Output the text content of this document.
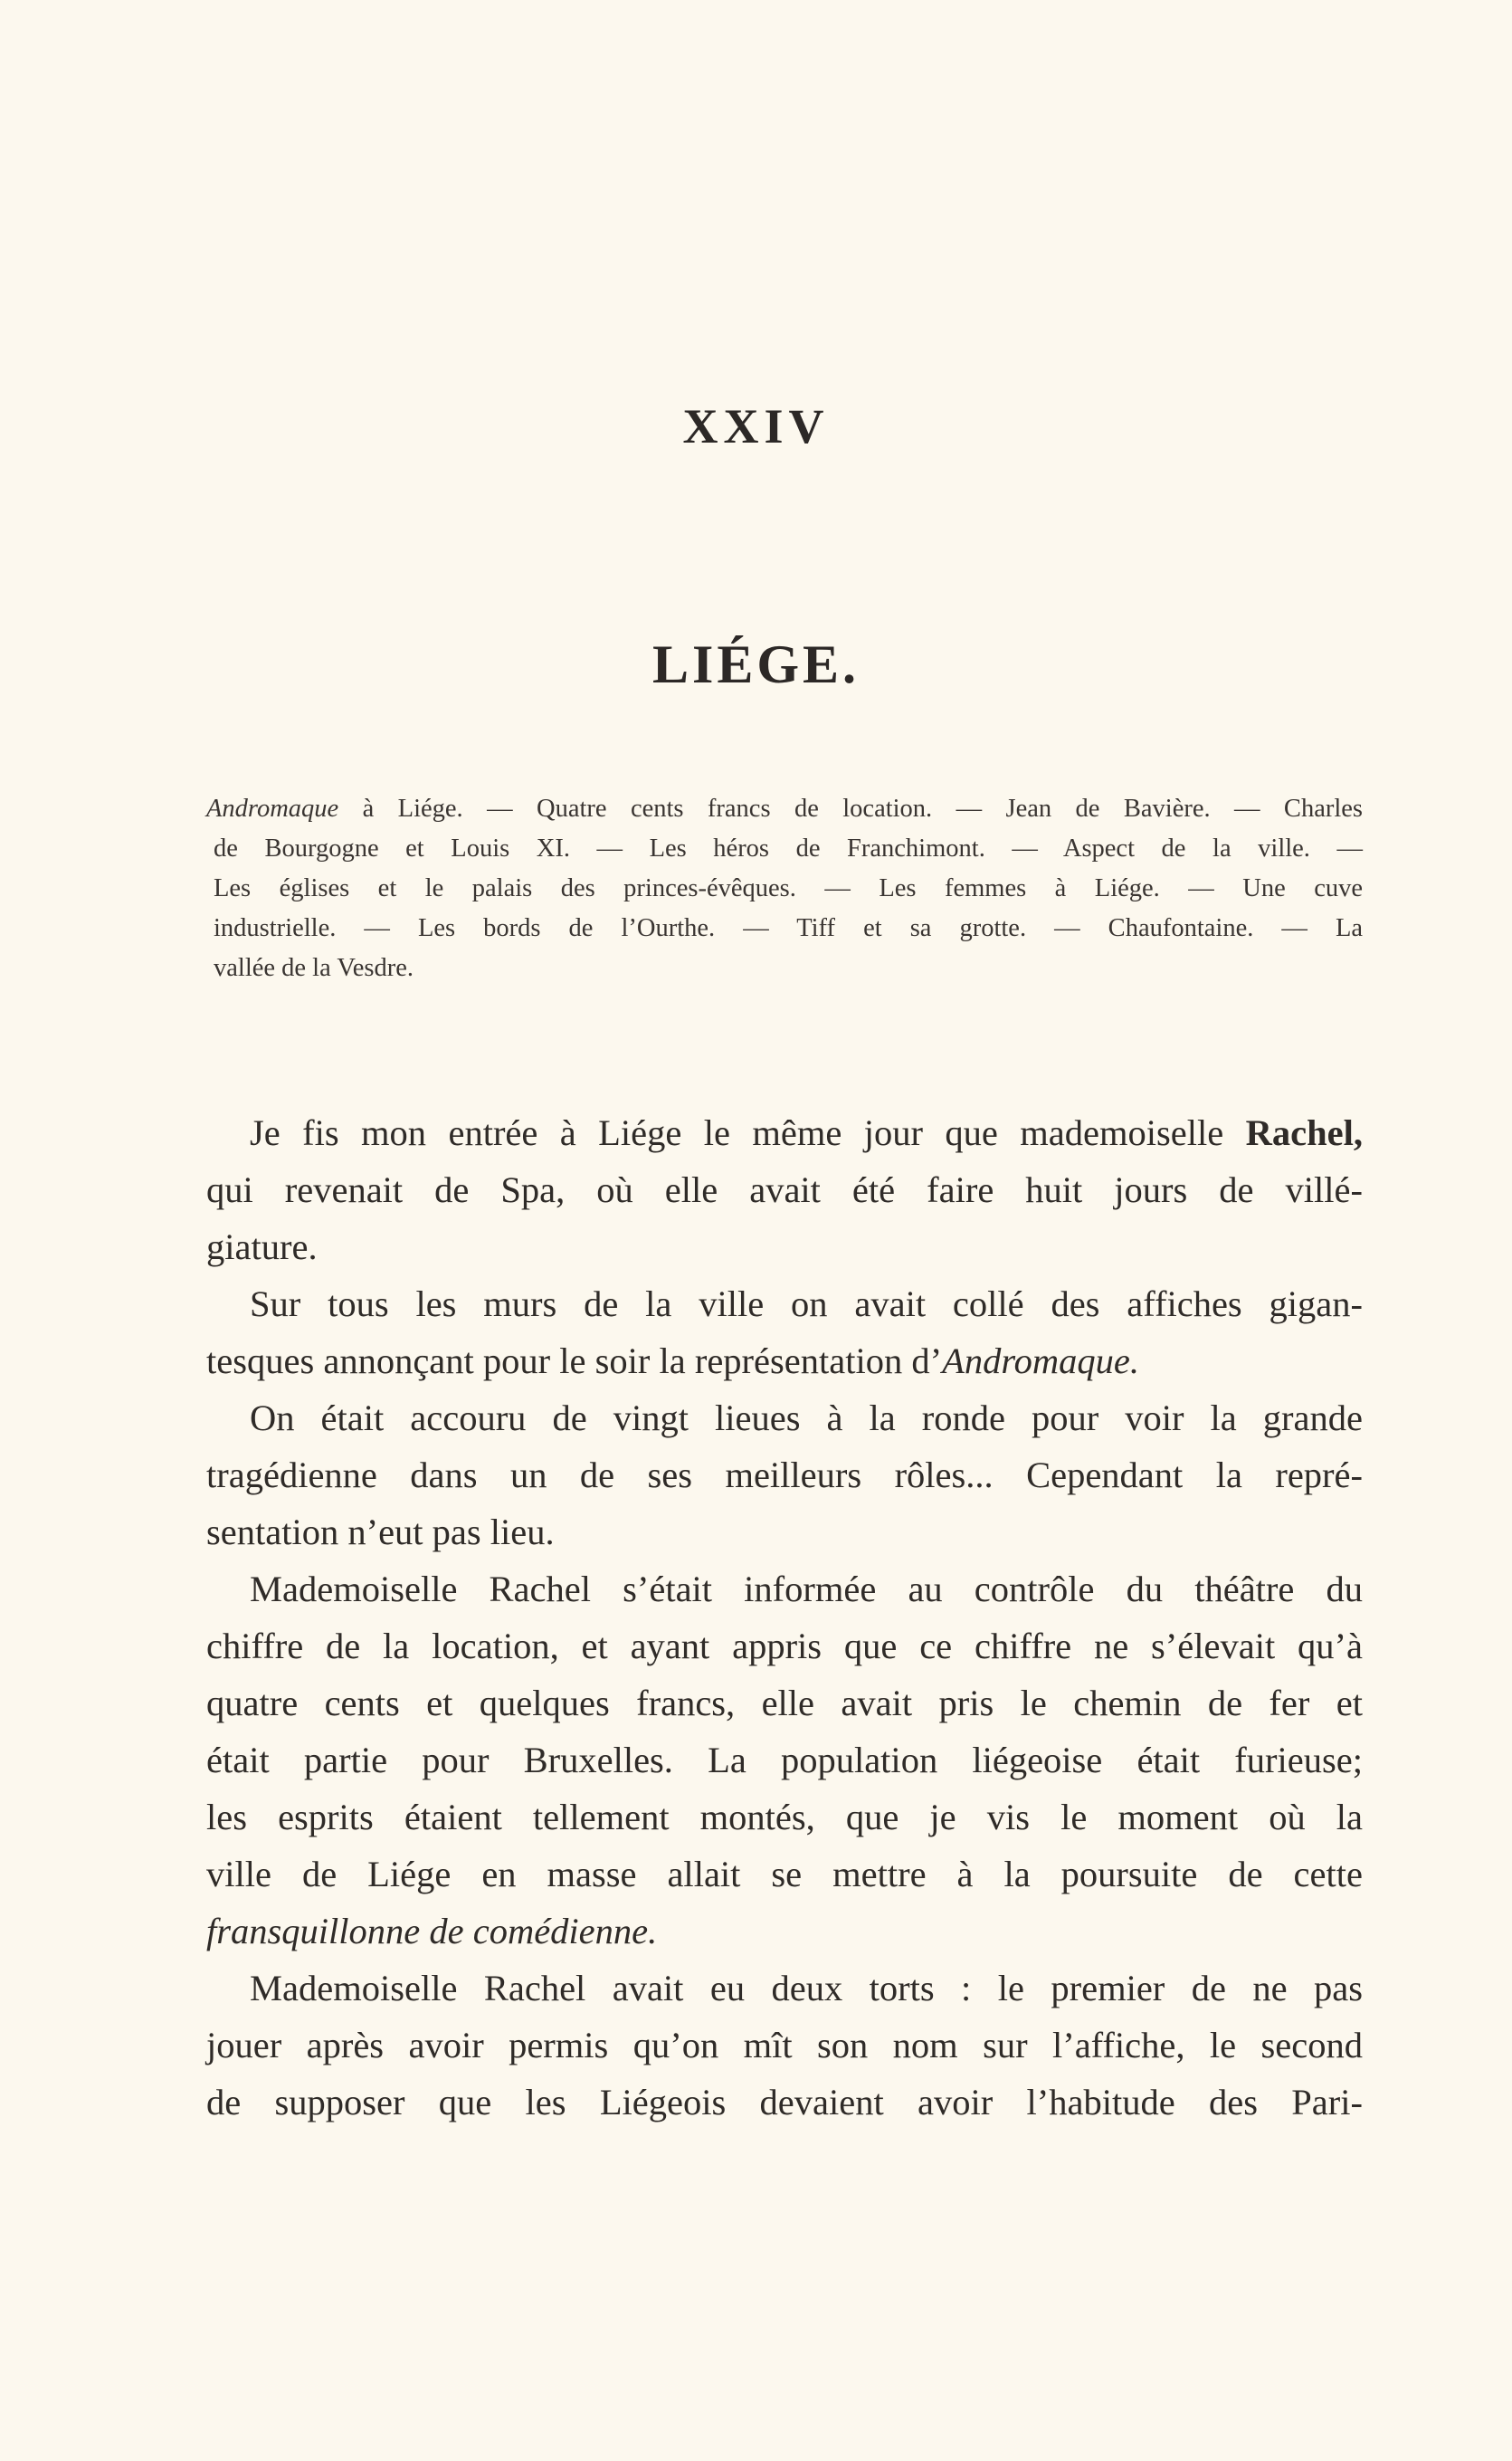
XXIV
LIÉGE.
Andromaque à Liége. — Quatre cents francs de location. — Jean de Bavière. — Charles
de Bourgogne et Louis XI. — Les héros de Franchimont. — Aspect de la ville. —
Les églises et le palais des princes-évêques. — Les femmes à Liége. — Une cuve
industrielle. — Les bords de l’Ourthe. — Tiff et sa grotte. — Chaufontaine. — La
vallée de la Vesdre.
Je fis mon entrée à Liége le même jour que mademoiselle Rachel,
qui revenait de Spa, où elle avait été faire huit jours de villé-
giature.
Sur tous les murs de la ville on avait collé des affiches gigan-
tesques annonçant pour le soir la représentation d’Andromaque.
On était accouru de vingt lieues à la ronde pour voir la grande
tragédienne dans un de ses meilleurs rôles... Cependant la repré-
sentation n’eut pas lieu.
Mademoiselle Rachel s’était informée au contrôle du théâtre du
chiffre de la location, et ayant appris que ce chiffre ne s’élevait qu’à
quatre cents et quelques francs, elle avait pris le chemin de fer et
était partie pour Bruxelles. La population liégeoise était furieuse;
les esprits étaient tellement montés, que je vis le moment où la
ville de Liége en masse allait se mettre à la poursuite de cette
fransquillonne de comédienne.
Mademoiselle Rachel avait eu deux torts : le premier de ne pas
jouer après avoir permis qu’on mît son nom sur l’affiche, le second
de supposer que les Liégeois devaient avoir l’habitude des Pari-
